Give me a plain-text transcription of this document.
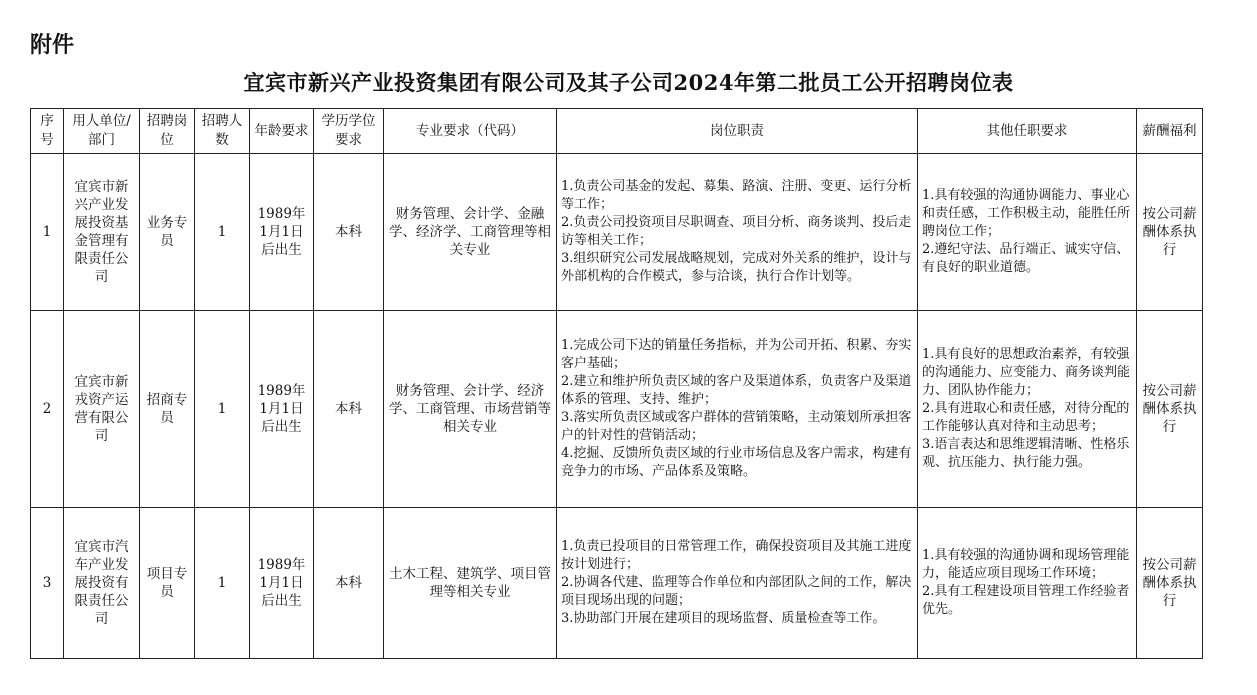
附件
宜宾市新兴产业投资集团有限公司及其子公司2024年第二批员工公开招聘岗位表
序号	用人单位/部门	招聘岗位	招聘人数	年龄要求	学历学位要求	专业要求（代码）	岗位职责	其他任职要求	薪酬福利
1	宜宾市新兴产业发展投资基金管理有限责任公司	业务专员	1	1989年1月1日后出生	本科	财务管理、会计学、金融学、经济学、工商管理等相关专业	1.负责公司基金的发起、募集、路演、注册、变更、运行分析等工作；
2.负责公司投资项目尽职调查、项目分析、商务谈判、投后走访等相关工作；
3.组织研究公司发展战略规划，完成对外关系的维护，设计与外部机构的合作模式，参与洽谈，执行合作计划等。	1.具有较强的沟通协调能力、事业心和责任感，工作积极主动，能胜任所聘岗位工作；
2.遵纪守法、品行端正、诚实守信、有良好的职业道德。	按公司薪酬体系执行
2	宜宾市新戎资产运营有限公司	招商专员	1	1989年1月1日后出生	本科	财务管理、会计学、经济学、工商管理、市场营销等相关专业	1.完成公司下达的销量任务指标，并为公司开拓、积累、夯实客户基础；
2.建立和维护所负责区域的客户及渠道体系，负责客户及渠道体系的管理、支持、维护；
3.落实所负责区域或客户群体的营销策略，主动策划所承担客户的针对性的营销活动；
4.挖掘、反馈所负责区域的行业市场信息及客户需求，构建有竞争力的市场、产品体系及策略。	1.具有良好的思想政治素养，有较强的沟通能力、应变能力、商务谈判能力、团队协作能力；
2.具有进取心和责任感，对待分配的工作能够认真对待和主动思考；
3.语言表达和思维逻辑清晰、性格乐观、抗压能力、执行能力强。	按公司薪酬体系执行
3	宜宾市汽车产业发展投资有限责任公司	项目专员	1	1989年1月1日后出生	本科	土木工程、建筑学、项目管理等相关专业	1.负责已投项目的日常管理工作，确保投资项目及其施工进度按计划进行；
2.协调各代建、监理等合作单位和内部团队之间的工作，解决项目现场出现的问题；
3.协助部门开展在建项目的现场监督、质量检查等工作。	1.具有较强的沟通协调和现场管理能力，能适应项目现场工作环境；
2.具有工程建设项目管理工作经验者优先。	按公司薪酬体系执行
